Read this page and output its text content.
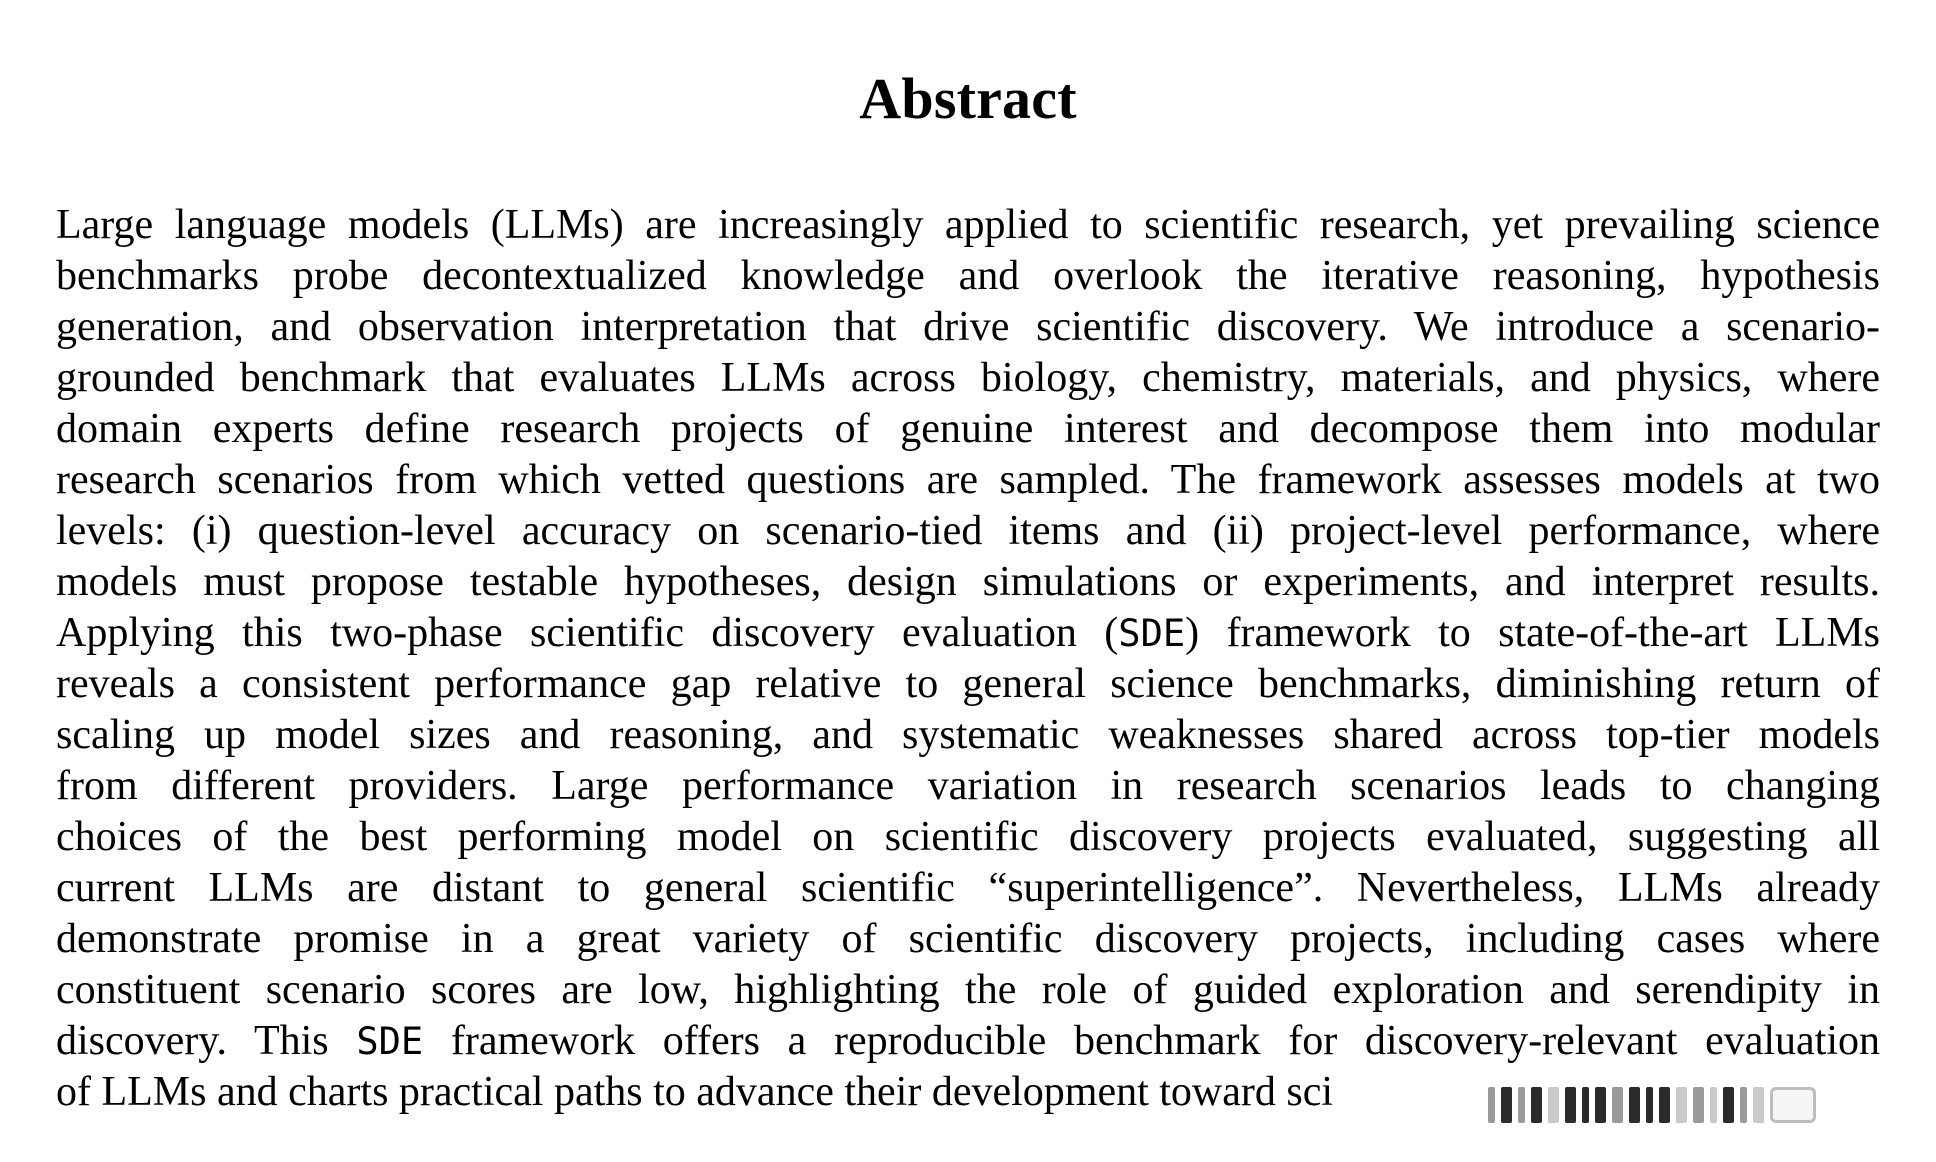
Abstract
Large language models (LLMs) are increasingly applied to scientific research, yet prevailing science
benchmarks probe decontextualized knowledge and overlook the iterative reasoning, hypothesis
generation, and observation interpretation that drive scientific discovery. We introduce a scenario-
grounded benchmark that evaluates LLMs across biology, chemistry, materials, and physics, where
domain experts define research projects of genuine interest and decompose them into modular
research scenarios from which vetted questions are sampled. The framework assesses models at two
levels: (i) question-level accuracy on scenario-tied items and (ii) project-level performance, where
models must propose testable hypotheses, design simulations or experiments, and interpret results.
Applying this two-phase scientific discovery evaluation (SDE) framework to state-of-the-art LLMs
reveals a consistent performance gap relative to general science benchmarks, diminishing return of
scaling up model sizes and reasoning, and systematic weaknesses shared across top-tier models
from different providers. Large performance variation in research scenarios leads to changing
choices of the best performing model on scientific discovery projects evaluated, suggesting all
current LLMs are distant to general scientific “superintelligence”. Nevertheless, LLMs already
demonstrate promise in a great variety of scientific discovery projects, including cases where
constituent scenario scores are low, highlighting the role of guided exploration and serendipity in
discovery. This SDE framework offers a reproducible benchmark for discovery-relevant evaluation
of LLMs and charts practical paths to advance their development toward sci
